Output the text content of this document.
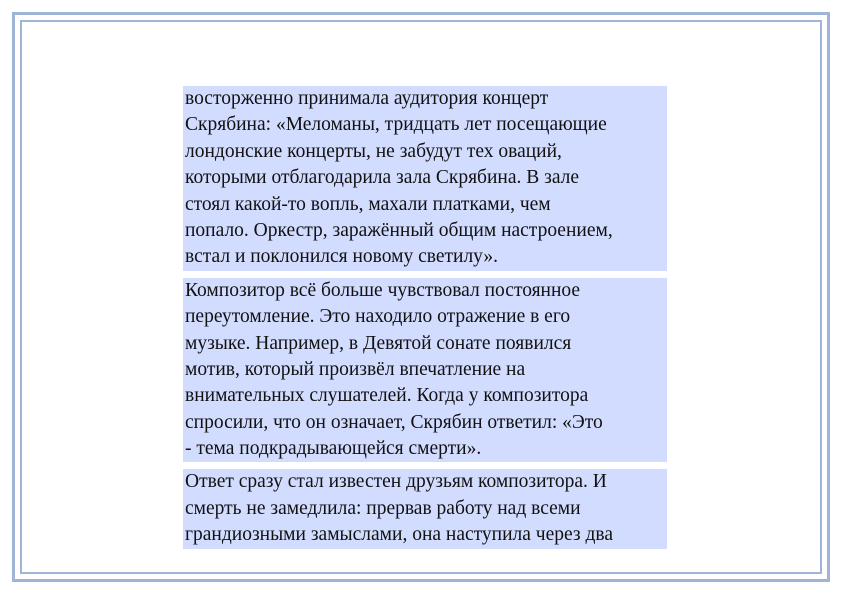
восторженно принимала аудитория концерт
Скрябина: «Меломаны, тридцать лет посещающие
лондонские концерты, не забудут тех оваций,
которыми отблагодарила зала Скрябина. В зале
стоял какой-то вопль, махали платками, чем
попало. Оркестр, заражённый общим настроением,
встал и поклонился новому светилу».
Композитор всё больше чувствовал постоянное
переутомление. Это находило отражение в его
музыке. Например, в Девятой сонате появился
мотив, который произвёл впечатление на
внимательных слушателей. Когда у композитора
спросили, что он означает, Скрябин ответил: «Это
- тема подкрадывающейся смерти».
Ответ сразу стал известен друзьям композитора. И
смерть не замедлила: прервав работу над всеми
грандиозными замыслами, она наступила через два
